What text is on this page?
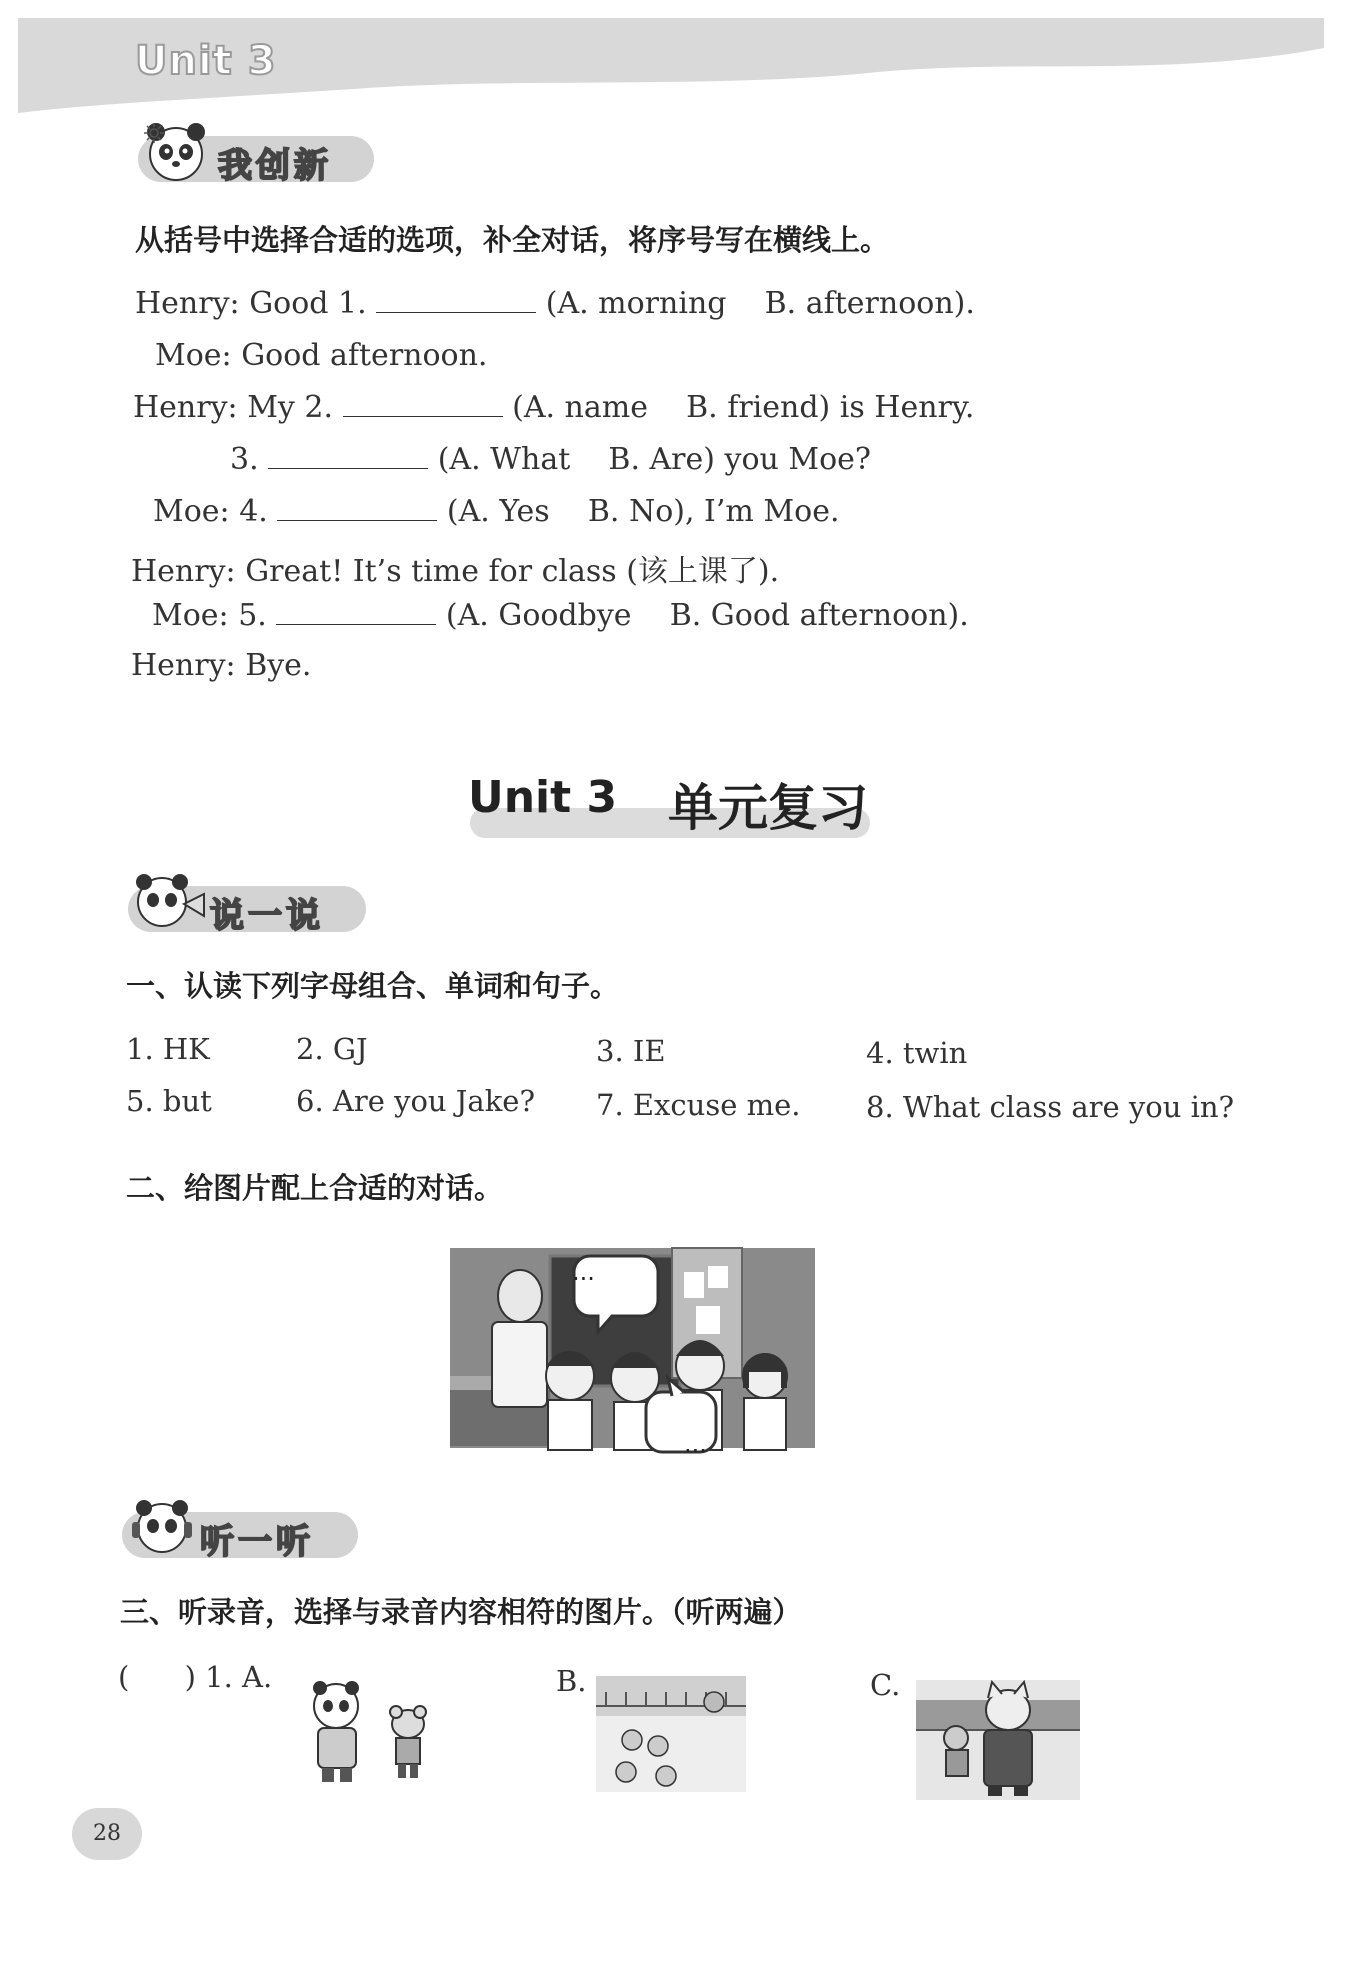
Unit 3
我创新
从括号中选择合适的选项，补全对话，将序号写在横线上。
Henry: Good 1.	(A. morning    B. afternoon).
Moe: Good afternoon.
Henry: My 2.	(A. name    B. friend) is Henry.
3.	(A. What    B. Are) you Moe?
Moe: 4.	(A. Yes    B. No), I’m Moe.
Henry: Great! It’s time for class (该上课了).
Moe: 5.	(A. Goodbye    B. Good afternoon).
Henry: Bye.
Unit 3 单元复习
说一说
一、认读下列字母组合、单词和句子。
1. HK	2. GJ	3. IE	4. twin
5. but	6. Are you Jake? 7. Excuse me. 8. What class are you in?
二、给图片配上合适的对话。
...
...
听一听
三、听录音，选择与录音内容相符的图片。（听两遍）
(      ) 1. A.	B.	C.
28
